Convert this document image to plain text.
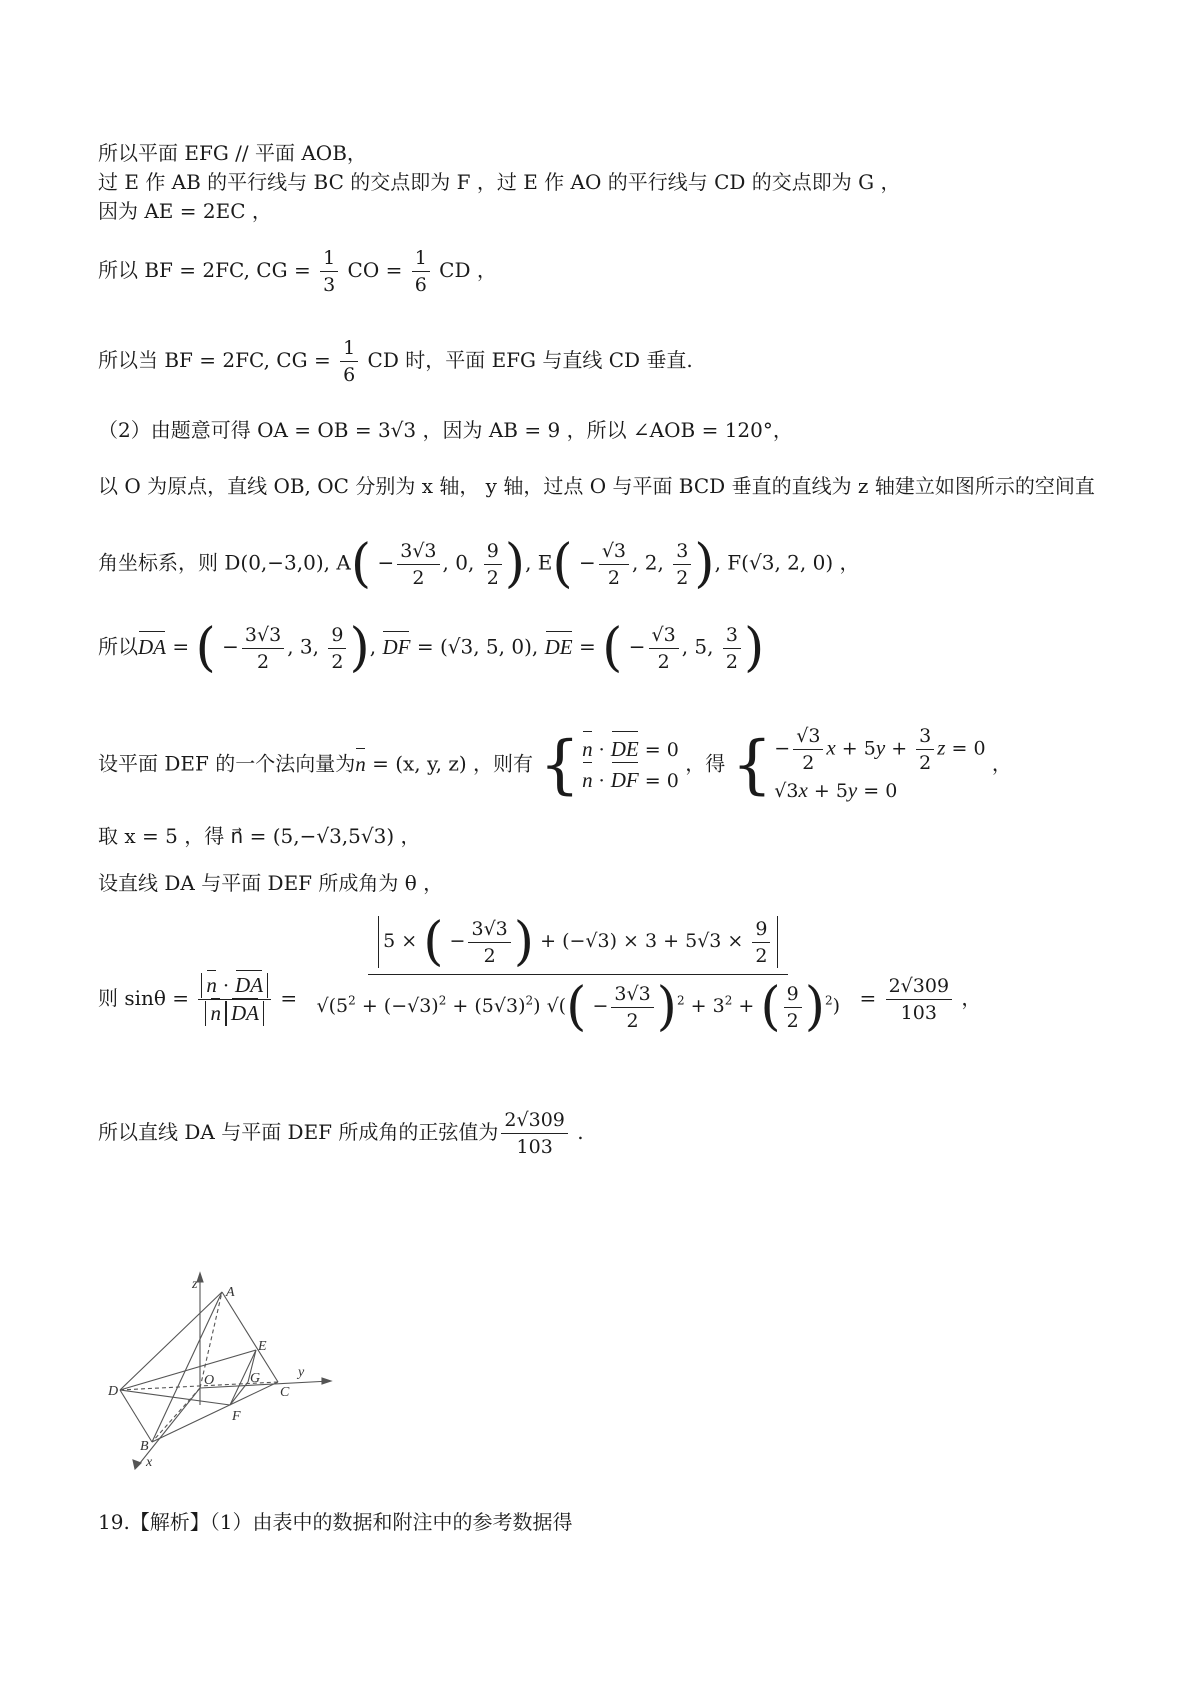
所以平面 EFG // 平面 AOB，
过 E 作 AB 的平行线与 BC 的交点即为 F ，过 E 作 AO 的平行线与 CD 的交点即为 G ，
因为 AE = 2EC ，
所以 BF = 2FC, CG = $\frac{1}{3}$ CO = $\frac{1}{6}$ CD ，
所以当 BF = 2FC, CG = $\frac{1}{6}$ CD 时，平面 EFG 与直线 CD 垂直.
（2）由题意可得 OA = OB = 3√3 ，因为 AB = 9 ，所以 ∠AOB = 120°，
以 O 为原点，直线 OB, OC 分别为 x 轴， y 轴，过点 O 与平面 BCD 垂直的直线为 z 轴建立如图所示的空间直
角坐标系，则 D(0,−3,0), $A( - \frac{3√3}{2}$ , 0, $\frac{9}{2}$ ), $E( - \frac{√3}{2}$ , 2, $\frac{3}{2}$ ), F(√3, 2, 0) ，
所以DA = ( − $\frac{3√3}{2}$ , 3, $\frac{9}{2}$ ), DF = (√3, 5, 0), DE = ( − $\frac{√3}{2}$ , 5, $\frac{3}{2}$ )
设平面 DEF 的一个法向量为n = (x, y, z) ，则有 { n · DE = 0
n · DF = 0
，得 { − $\frac{√3}{2}$ $x + 5y + \frac{3}{2}$ z = 0
√3x + 5y = 0
，
取 x = 5 ，得 n⃗ = (5,−√3,5√3) ，
设直线 DA 与平面 DEF 所成角为 θ ，
则 $\sin\theta = \frac{n \cdot DA}{\text{n DA}} = \frac{5 \times ( - \frac{3√3}{2} ) + (-√3) \times 3 + 5√3 \times \frac{9}{2}}{√(5^2 + (-√3)^2 + (5√3)^2) √(( - \frac{3√3}{2} )^2 + 3^2 + ( \frac{9}{2} )^2)} = \frac{2√309}{103}$ ，
所以直线 DA 与平面 DEF 所成角的正弦值为 $\frac{2√309}{103}$ .
z
A
E
y
O	G
D	C
F
B
x
19.【解析】（1）由表中的数据和附注中的参考数据得
